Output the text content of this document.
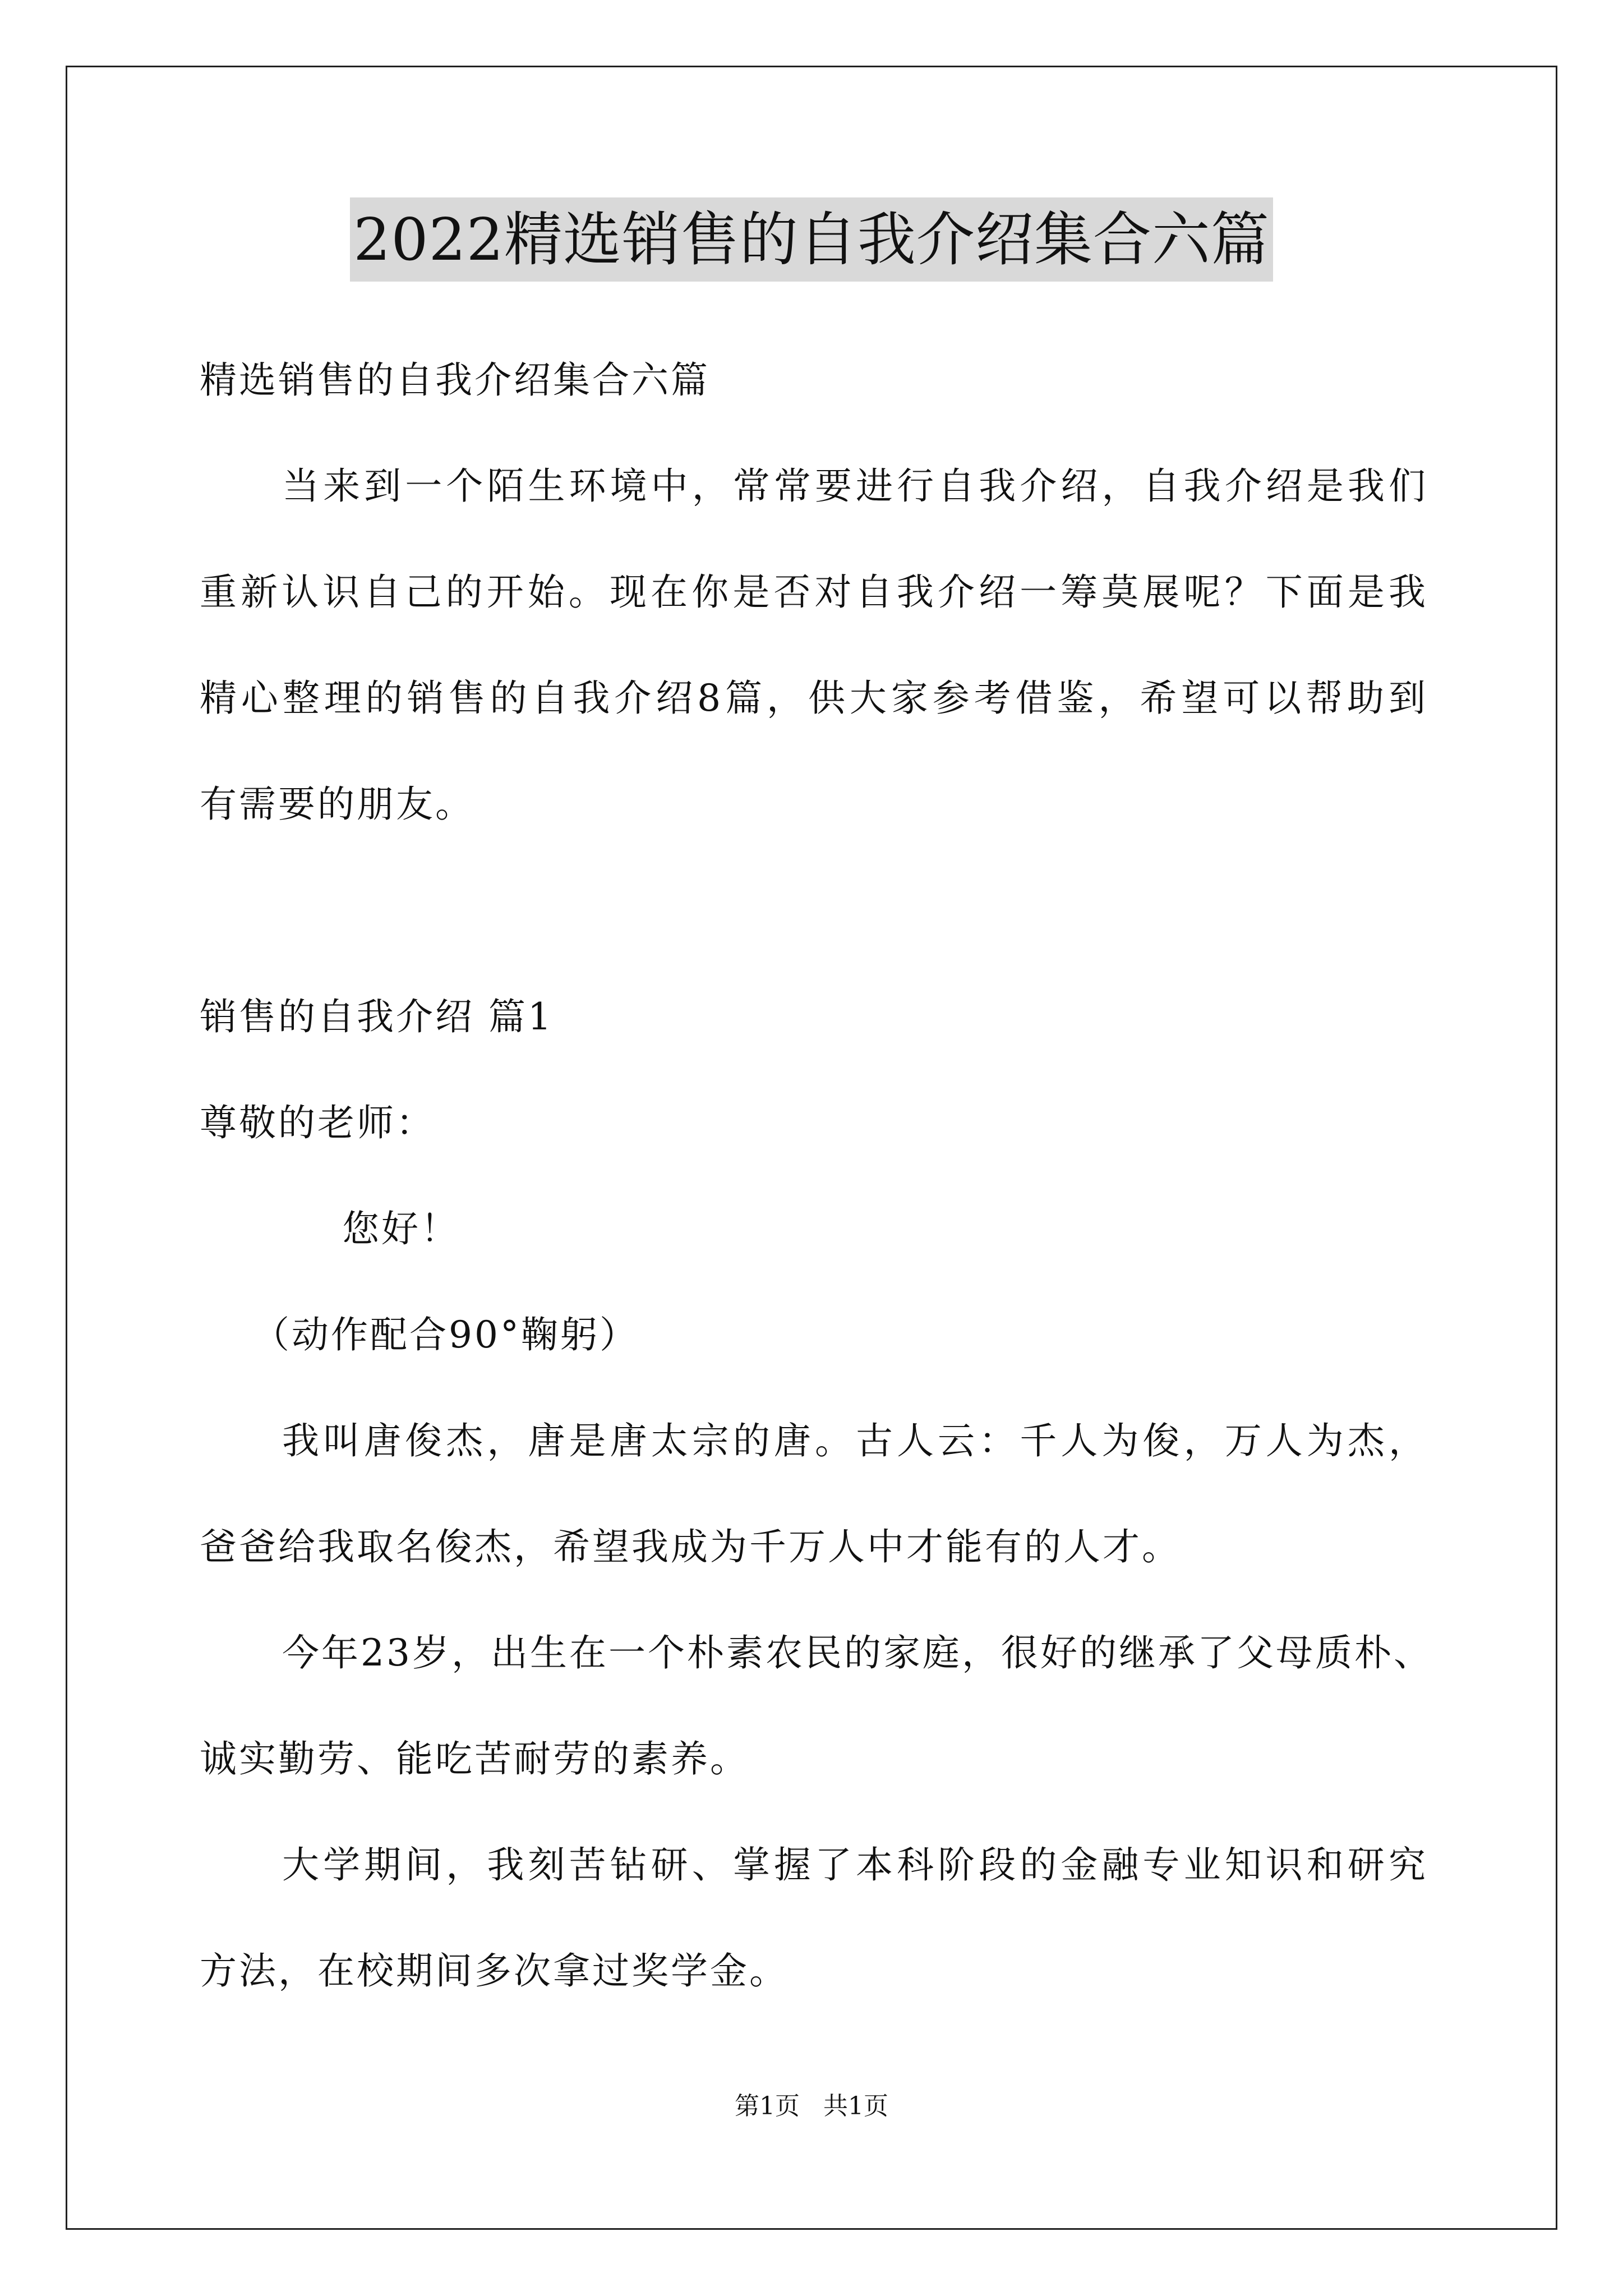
2022精选销售的自我介绍集合六篇
精选销售的自我介绍集合六篇
当来到一个陌生环境中，常常要进行自我介绍，自我介绍是我们
重新认识自己的开始。现在你是否对自我介绍一筹莫展呢？下面是我
精心整理的销售的自我介绍8篇，供大家参考借鉴，希望可以帮助到
有需要的朋友。
销售的自我介绍 篇1
尊敬的老师：
您好！
（动作配合90°鞠躬）
我叫唐俊杰，唐是唐太宗的唐。古人云：千人为俊，万人为杰，
爸爸给我取名俊杰，希望我成为千万人中才能有的人才。
今年23岁，出生在一个朴素农民的家庭，很好的继承了父母质朴、
诚实勤劳、能吃苦耐劳的素养。
大学期间，我刻苦钻研、掌握了本科阶段的金融专业知识和研究
方法，在校期间多次拿过奖学金。
第1页   共1页
